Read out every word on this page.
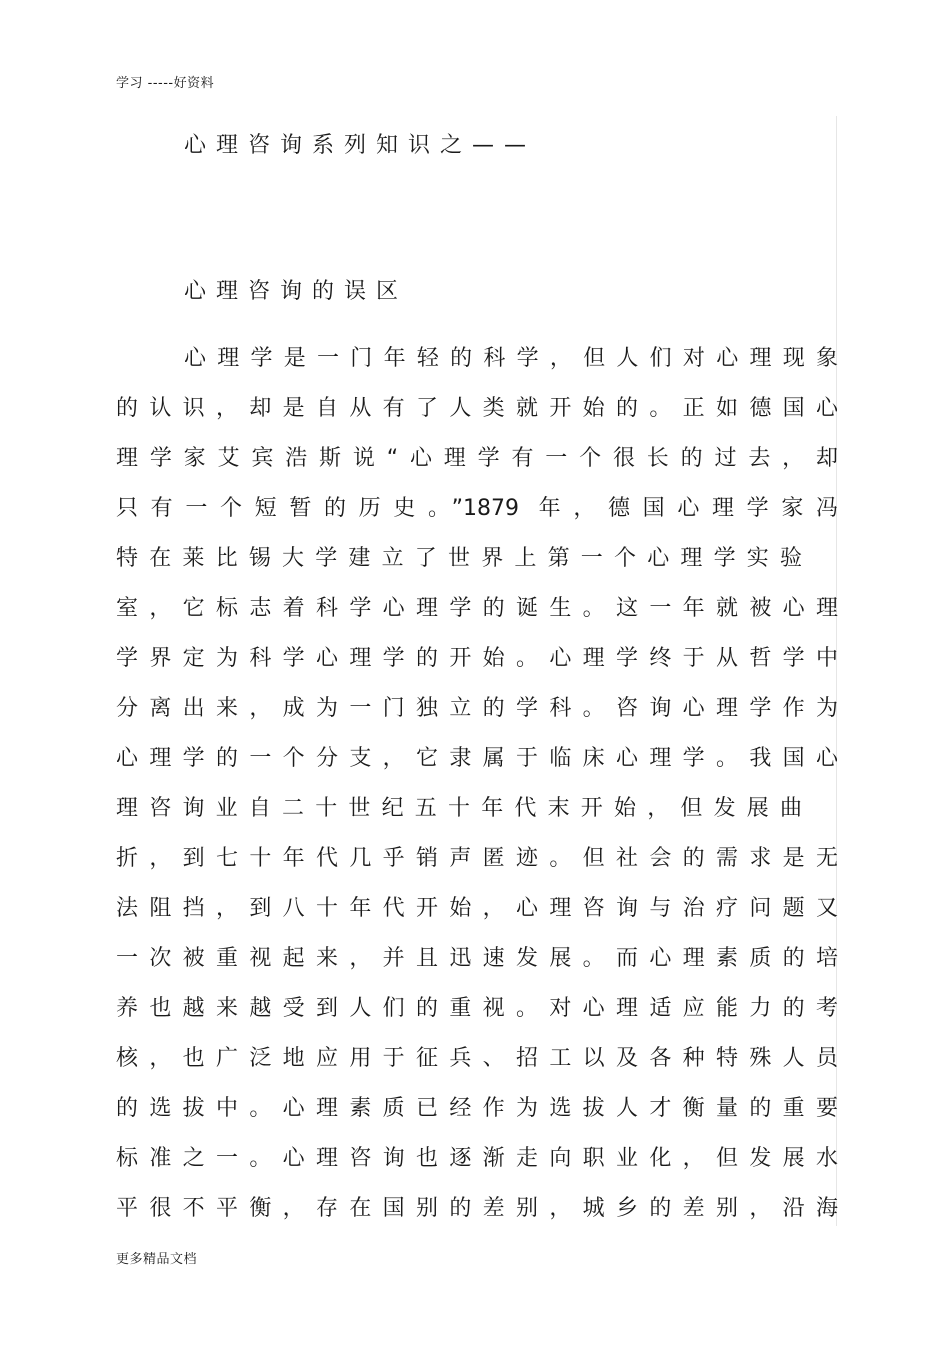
学习 -----好资料
心理咨询系列知识之——
心理咨询的误区
心理学是一门年轻的科学，但人们对心理现象
的认识，却是自从有了人类就开始的。正如德国心
理学家艾宾浩斯说“心理学有一个很长的过去，却
只有一个短暂的历史。”1879 年，德国心理学家冯
特在莱比锡大学建立了世界上第一个心理学实验
室，它标志着科学心理学的诞生。这一年就被心理
学界定为科学心理学的开始。心理学终于从哲学中
分离出来，成为一门独立的学科。咨询心理学作为
心理学的一个分支，它隶属于临床心理学。我国心
理咨询业自二十世纪五十年代末开始，但发展曲
折，到七十年代几乎销声匿迹。但社会的需求是无
法阻挡，到八十年代开始，心理咨询与治疗问题又
一次被重视起来，并且迅速发展。而心理素质的培
养也越来越受到人们的重视。对心理适应能力的考
核，也广泛地应用于征兵、招工以及各种特殊人员
的选拔中。心理素质已经作为选拔人才衡量的重要
标准之一。心理咨询也逐渐走向职业化，但发展水
平很不平衡，存在国别的差别，城乡的差别，沿海
更多精品文档
